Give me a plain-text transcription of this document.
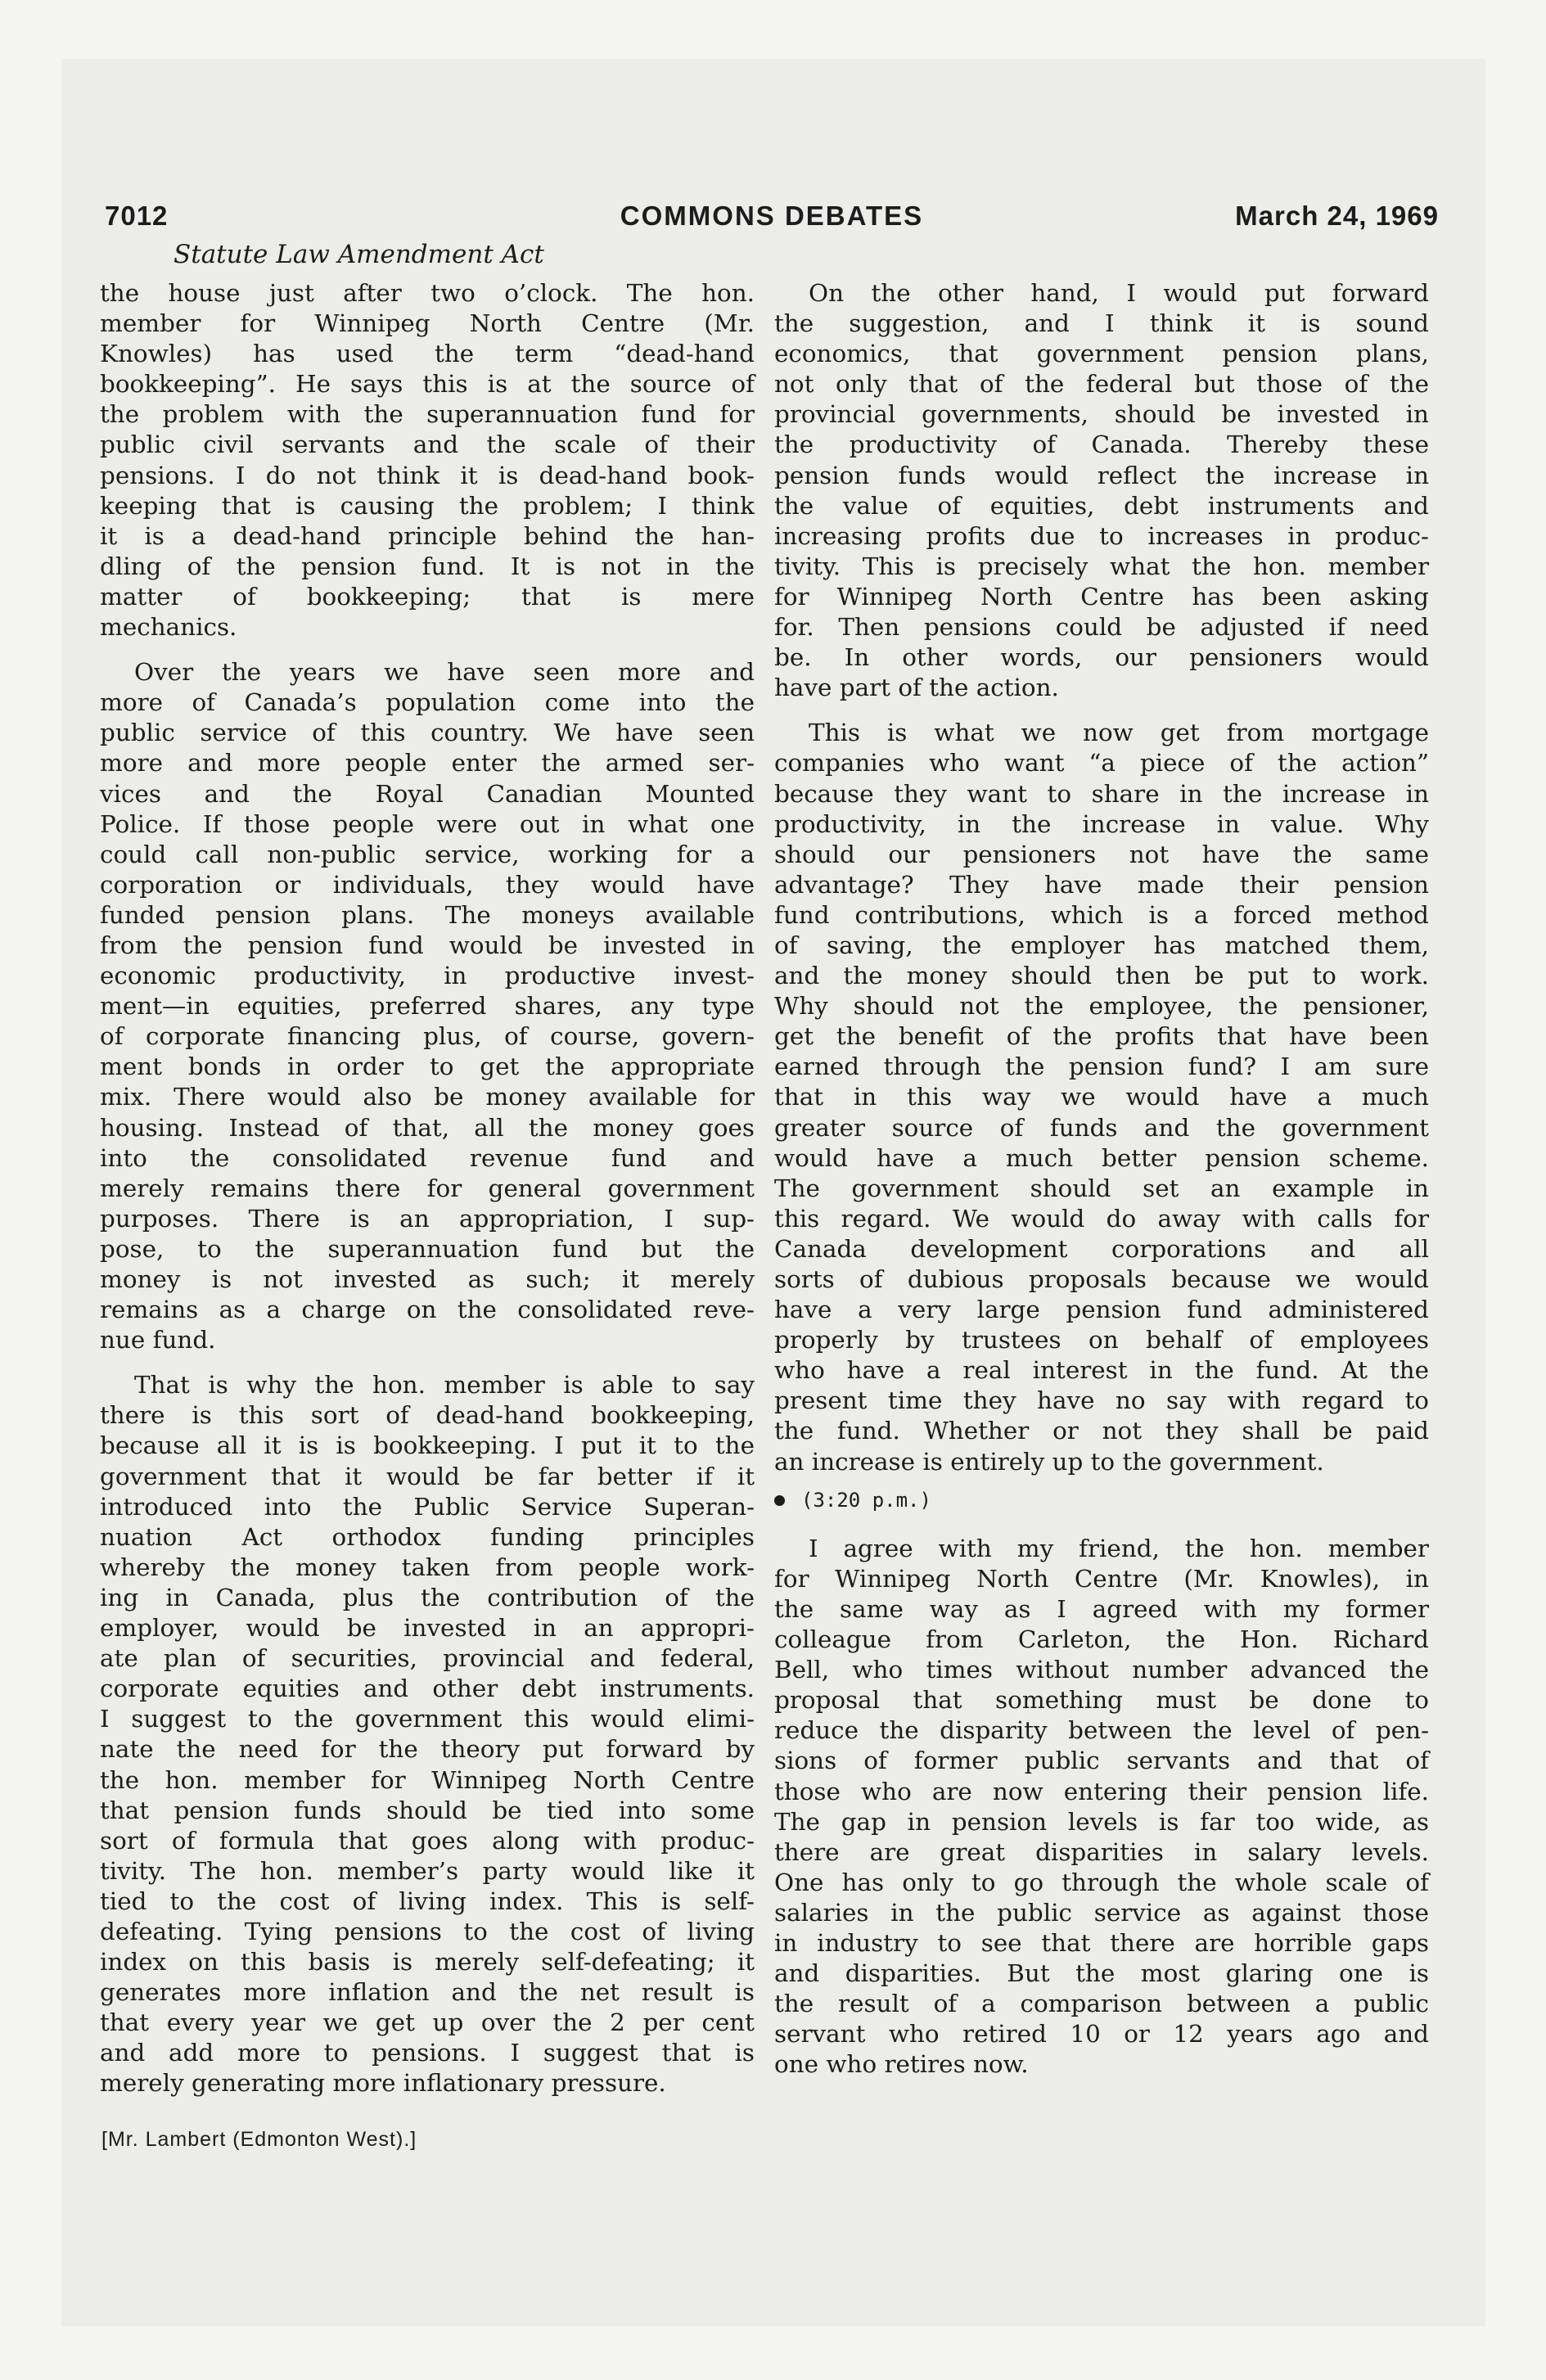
7012	COMMONS DEBATES	March 24, 1969
Statute Law Amendment Act
the house just after two o’clock. The hon.
member for Winnipeg North Centre (Mr.
Knowles) has used the term “dead-hand
bookkeeping”. He says this is at the source of
the problem with the superannuation fund for
public civil servants and the scale of their
pensions. I do not think it is dead-hand book-
keeping that is causing the problem; I think
it is a dead-hand principle behind the han-
dling of the pension fund. It is not in the
matter of bookkeeping; that is mere
mechanics.
Over the years we have seen more and
more of Canada’s population come into the
public service of this country. We have seen
more and more people enter the armed ser-
vices and the Royal Canadian Mounted
Police. If those people were out in what one
could call non-public service, working for a
corporation or individuals, they would have
funded pension plans. The moneys available
from the pension fund would be invested in
economic productivity, in productive invest-
ment—in equities, preferred shares, any type
of corporate financing plus, of course, govern-
ment bonds in order to get the appropriate
mix. There would also be money available for
housing. Instead of that, all the money goes
into the consolidated revenue fund and
merely remains there for general government
purposes. There is an appropriation, I sup-
pose, to the superannuation fund but the
money is not invested as such; it merely
remains as a charge on the consolidated reve-
nue fund.
That is why the hon. member is able to say
there is this sort of dead-hand bookkeeping,
because all it is is bookkeeping. I put it to the
government that it would be far better if it
introduced into the Public Service Superan-
nuation Act orthodox funding principles
whereby the money taken from people work-
ing in Canada, plus the contribution of the
employer, would be invested in an appropri-
ate plan of securities, provincial and federal,
corporate equities and other debt instruments.
I suggest to the government this would elimi-
nate the need for the theory put forward by
the hon. member for Winnipeg North Centre
that pension funds should be tied into some
sort of formula that goes along with produc-
tivity. The hon. member’s party would like it
tied to the cost of living index. This is self-
defeating. Tying pensions to the cost of living
index on this basis is merely self-defeating; it
generates more inflation and the net result is
that every year we get up over the 2 per cent
and add more to pensions. I suggest that is
merely generating more inflationary pressure.
[Mr. Lambert (Edmonton West).]
On the other hand, I would put forward
the suggestion, and I think it is sound
economics, that government pension plans,
not only that of the federal but those of the
provincial governments, should be invested in
the productivity of Canada. Thereby these
pension funds would reflect the increase in
the value of equities, debt instruments and
increasing profits due to increases in produc-
tivity. This is precisely what the hon. member
for Winnipeg North Centre has been asking
for. Then pensions could be adjusted if need
be. In other words, our pensioners would
have part of the action.
This is what we now get from mortgage
companies who want “a piece of the action”
because they want to share in the increase in
productivity, in the increase in value. Why
should our pensioners not have the same
advantage? They have made their pension
fund contributions, which is a forced method
of saving, the employer has matched them,
and the money should then be put to work.
Why should not the employee, the pensioner,
get the benefit of the profits that have been
earned through the pension fund? I am sure
that in this way we would have a much
greater source of funds and the government
would have a much better pension scheme.
The government should set an example in
this regard. We would do away with calls for
Canada development corporations and all
sorts of dubious proposals because we would
have a very large pension fund administered
properly by trustees on behalf of employees
who have a real interest in the fund. At the
present time they have no say with regard to
the fund. Whether or not they shall be paid
an increase is entirely up to the government.
(3:20 p.m.)
I agree with my friend, the hon. member
for Winnipeg North Centre (Mr. Knowles), in
the same way as I agreed with my former
colleague from Carleton, the Hon. Richard
Bell, who times without number advanced the
proposal that something must be done to
reduce the disparity between the level of pen-
sions of former public servants and that of
those who are now entering their pension life.
The gap in pension levels is far too wide, as
there are great disparities in salary levels.
One has only to go through the whole scale of
salaries in the public service as against those
in industry to see that there are horrible gaps
and disparities. But the most glaring one is
the result of a comparison between a public
servant who retired 10 or 12 years ago and
one who retires now.
